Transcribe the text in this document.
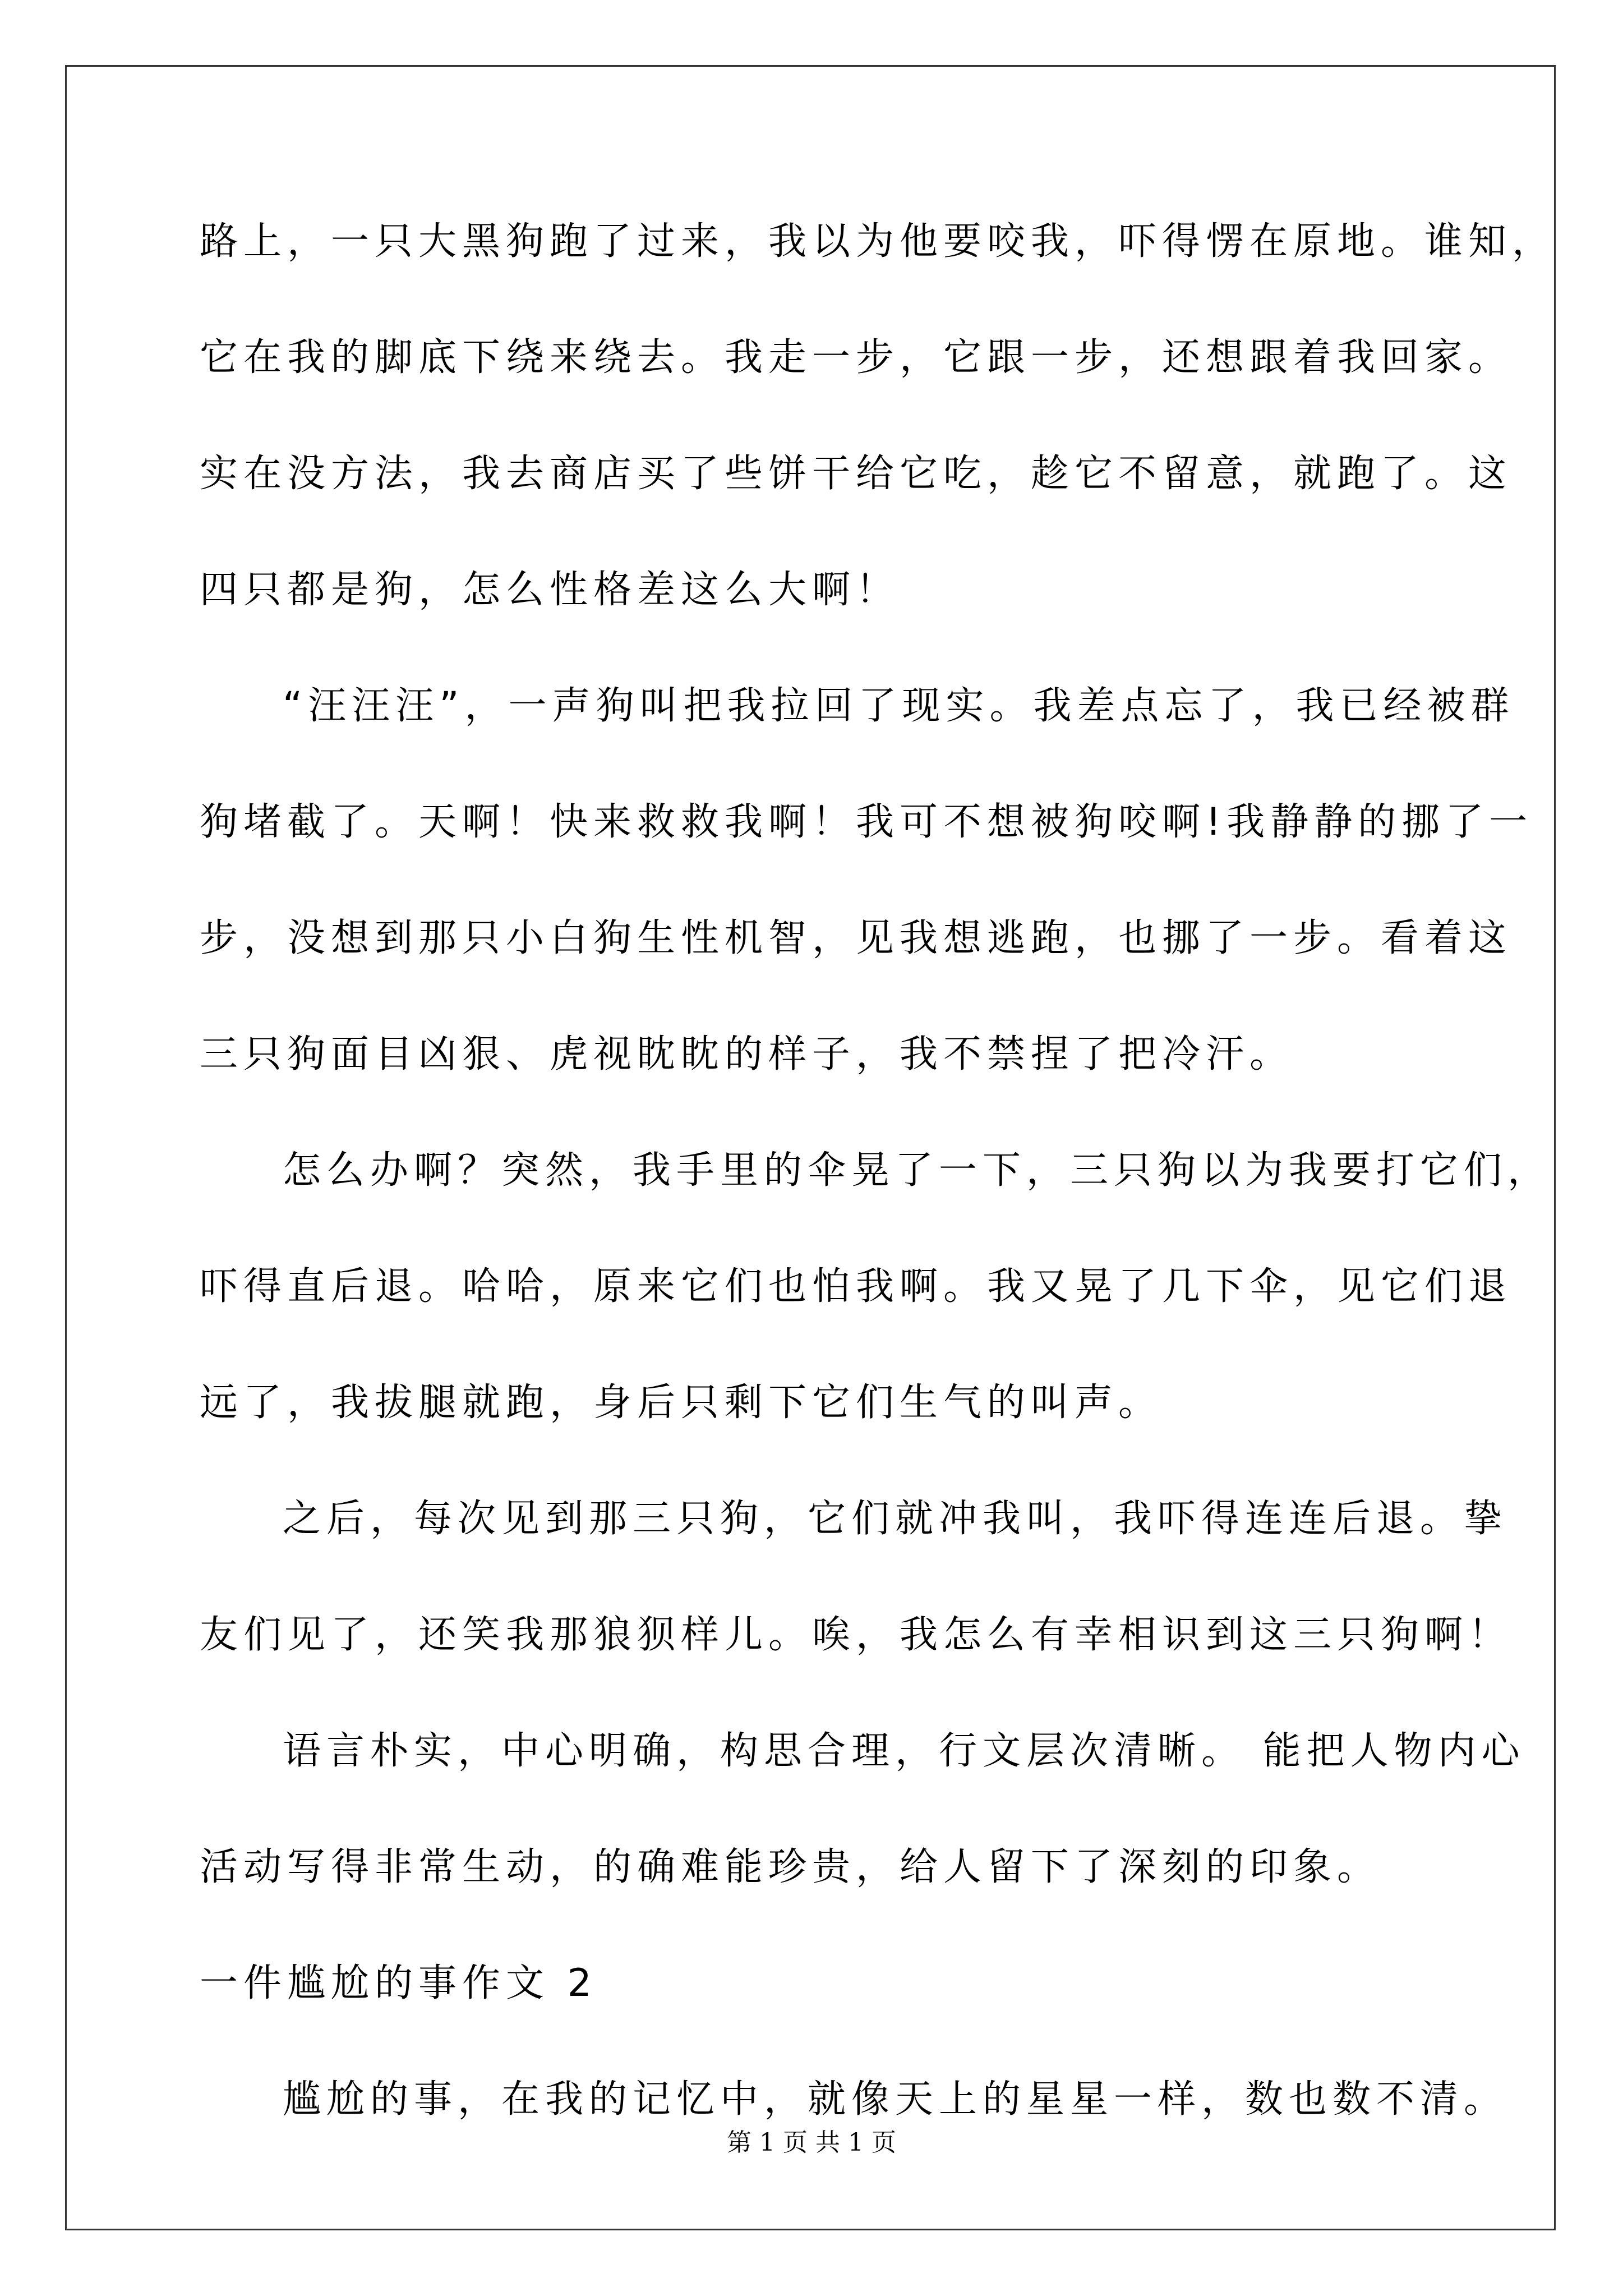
路上，一只大黑狗跑了过来，我以为他要咬我，吓得愣在原地。谁知，
它在我的脚底下绕来绕去。我走一步，它跟一步，还想跟着我回家。
实在没方法，我去商店买了些饼干给它吃，趁它不留意，就跑了。这
四只都是狗，怎么性格差这么大啊！
“汪汪汪”，一声狗叫把我拉回了现实。我差点忘了，我已经被群
狗堵截了。天啊！快来救救我啊！我可不想被狗咬啊!我静静的挪了一
步，没想到那只小白狗生性机智，见我想逃跑，也挪了一步。看着这
三只狗面目凶狠、虎视眈眈的样子，我不禁捏了把冷汗。
怎么办啊？突然，我手里的伞晃了一下，三只狗以为我要打它们，
吓得直后退。哈哈，原来它们也怕我啊。我又晃了几下伞，见它们退
远了，我拔腿就跑，身后只剩下它们生气的叫声。
之后，每次见到那三只狗，它们就冲我叫，我吓得连连后退。挚
友们见了，还笑我那狼狈样儿。唉，我怎么有幸相识到这三只狗啊！
语言朴实，中心明确，构思合理，行文层次清晰。 能把人物内心
活动写得非常生动，的确难能珍贵，给人留下了深刻的印象。
一件尴尬的事作文 2
尴尬的事，在我的记忆中，就像天上的星星一样，数也数不清。
第 1 页 共 1 页
